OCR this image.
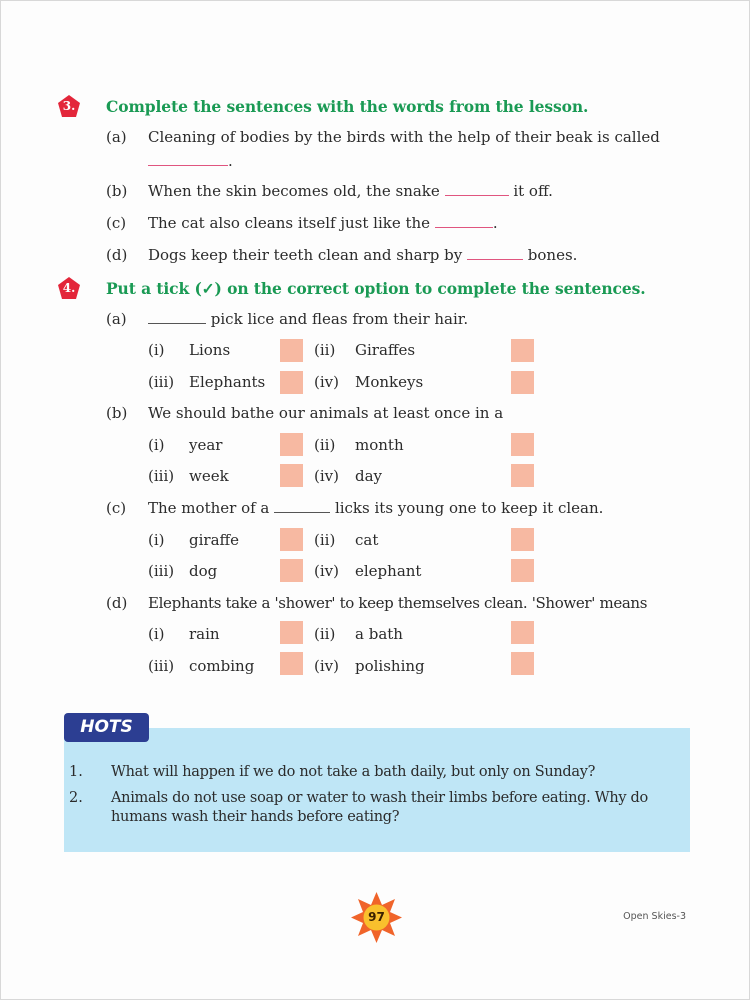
3.	Complete the sentences with the words from the lesson.
(a) Cleaning of bodies by the birds with the help of their beak is called
.
(b) When the skin becomes old, the snake	it off.
(c) The cat also cleans itself just like the	.
(d) Dogs keep their teeth clean and sharp by	bones.
4.	Put a tick (✓) on the correct option to complete the sentences.
(a)	pick lice and fleas from their hair.
(i) Lions	(ii) Giraffes
(iii) Elephants	(iv) Monkeys
(b) We should bathe our animals at least once in a
(i) year	(ii) month
(iii) week	(iv) day
(c) The mother of a	licks its young one to keep it clean.
(i) giraffe	(ii) cat
(iii) dog	(iv) elephant
(d) Elephants take a 'shower' to keep themselves clean. 'Shower' means
(i) rain	(ii) a bath
(iii) combing	(iv) polishing
HOTS
1. What will happen if we do not take a bath daily, but only on Sunday?
2. Animals do not use soap or water to wash their limbs before eating. Why do
humans wash their hands before eating?
97	Open Skies-3
